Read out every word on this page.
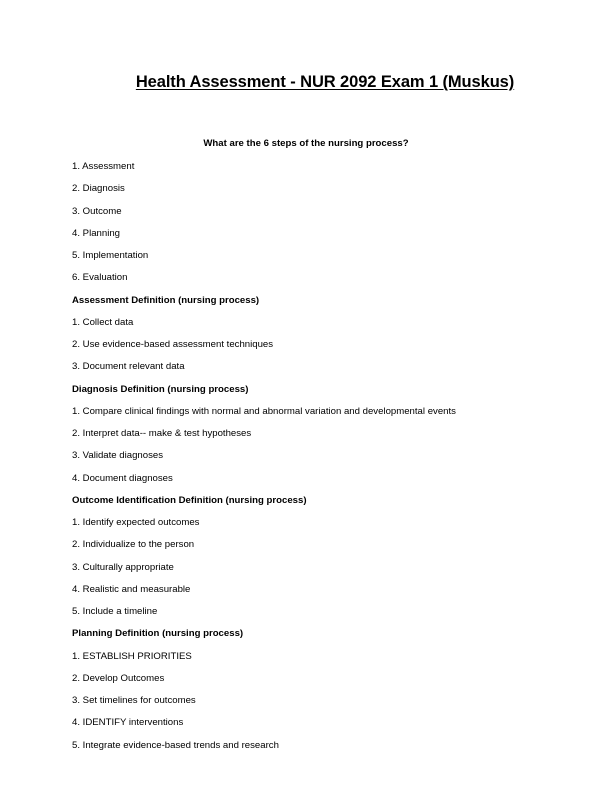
Health Assessment - NUR 2092 Exam 1 (Muskus)

What are the 6 steps of the nursing process?

1. Assessment
2. Diagnosis
3. Outcome
4. Planning
5. Implementation
6. Evaluation
Assessment Definition (nursing process)
1. Collect data
2. Use evidence-based assessment techniques
3. Document relevant data
Diagnosis Definition (nursing process)
1. Compare clinical findings with normal and abnormal variation and developmental events
2. Interpret data-- make & test hypotheses
3. Validate diagnoses
4. Document diagnoses
Outcome Identification Definition (nursing process)
1. Identify expected outcomes
2. Individualize to the person
3. Culturally appropriate
4. Realistic and measurable
5. Include a timeline
Planning Definition (nursing process)
1. ESTABLISH PRIORITIES
2. Develop Outcomes
3. Set timelines for outcomes
4. IDENTIFY interventions
5. Integrate evidence-based trends and research
